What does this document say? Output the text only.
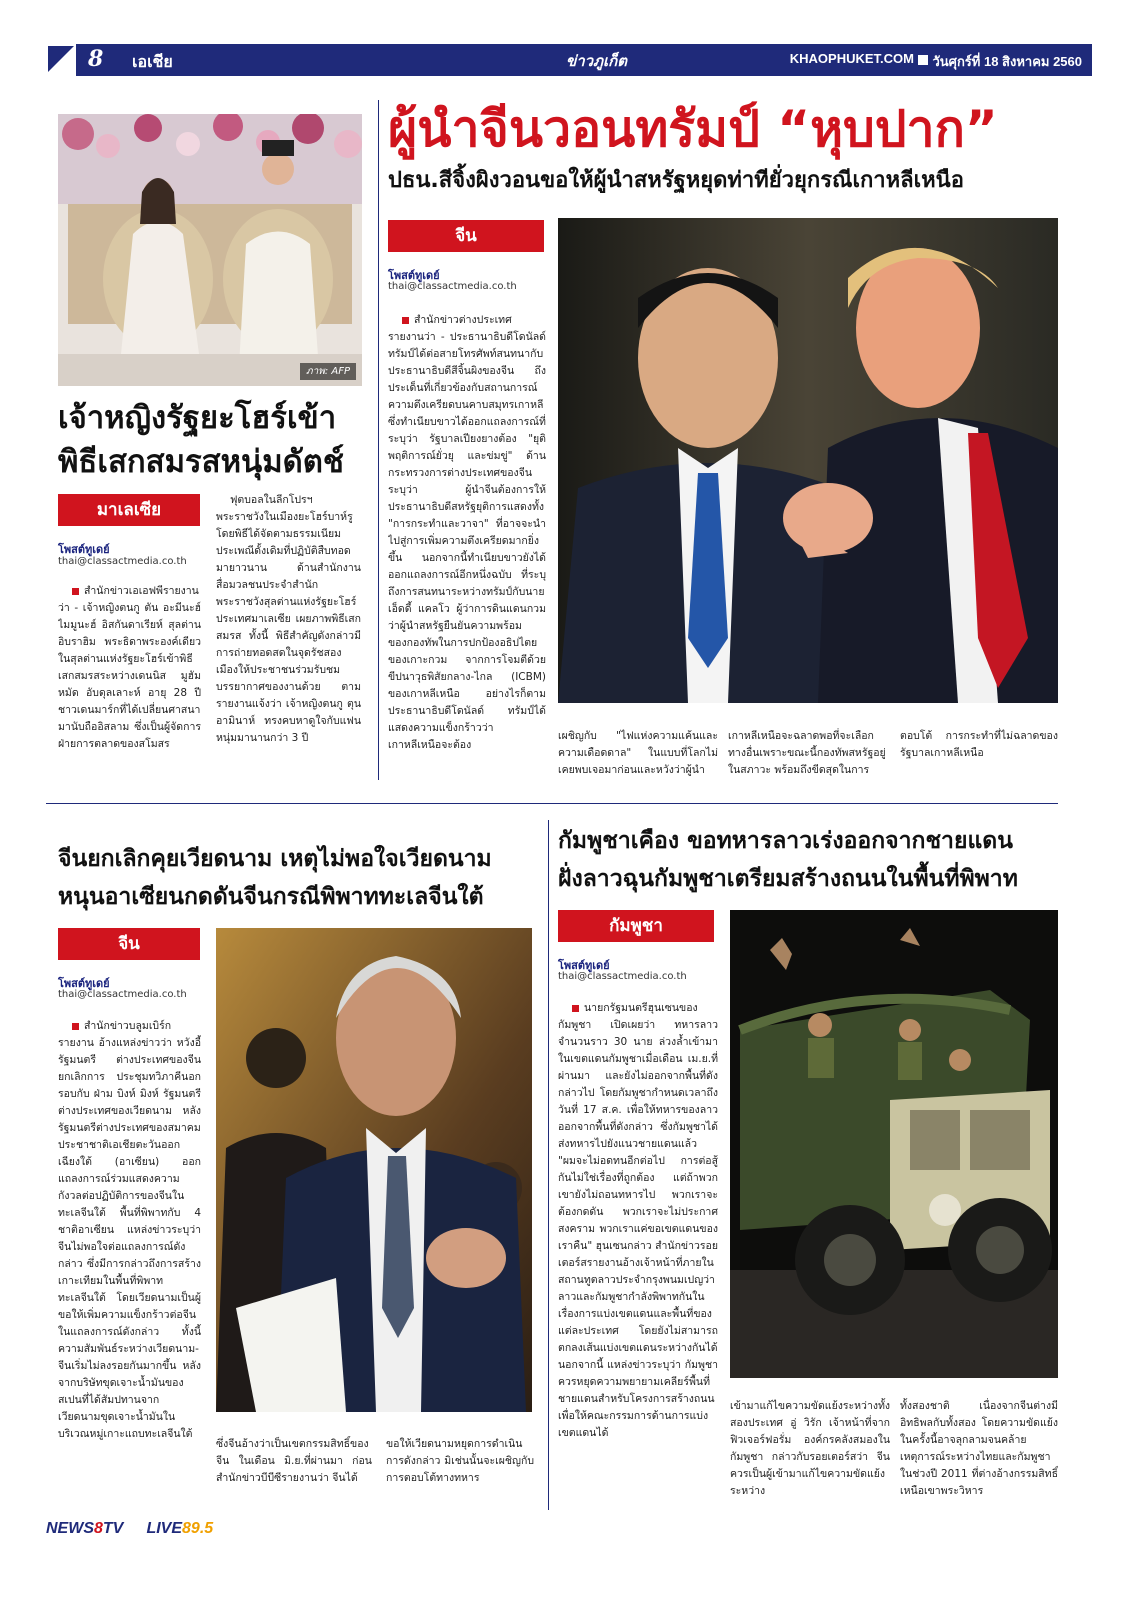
8 เอเชีย	ข่าวภูเก็ต	KHAOPHUKET.COM วันศุกร์ที่ 18 สิงหาคม 2560
ภาพ: AFP
เจ้าหญิงรัฐยะโฮร์เข้า
พิธีเสกสมรสหนุ่มดัตช์
มาเลเซีย
โพสต์ทูเดย์
thai@classactmedia.co.th

สำนักข่าวเอเอฟพีรายงานว่า - เจ้าหญิงตนกู ตัน อะมีนะฮ์ ไมมูนะฮ์ อิสกันดาเรียห์ สุลต่านอิบราฮิม พระธิดาพระองค์เดียวในสุลต่านแห่งรัฐยะโฮร์เข้าพิธีเสกสมรสระหว่างเดนนิส มูฮัมหมัด อับดุลเลาะห์ อายุ 28 ปี ชาวเดนมาร์กที่ได้เปลี่ยนศาสนามานับถืออิสลาม ซึ่งเป็นผู้จัดการฝ่ายการตลาดของสโมสร

ฟุตบอลในลีกโปรฯ พระราชวังในเมืองยะโฮร์บาห์รู โดยพิธีได้จัดตามธรรมเนียมประเพณีดั้งเดิมที่ปฏิบัติสืบทอดมายาวนาน ด้านสำนักงานสื่อมวลชนประจำสำนักพระราชวังสุลต่านแห่งรัฐยะโฮร์ ประเทศมาเลเซีย เผยภาพพิธีเสกสมรส ทั้งนี้ พิธีสำคัญดังกล่าวมีการถ่ายทอดสดในจุดรัชสองเมืองให้ประชาชนร่วมรับชมบรรยากาศของงานด้วย ตามรายงานแจ้งว่า เจ้าหญิงตนกู ตุน อามินาห์ ทรงคบหาดูใจกับแฟนหนุ่มมานานกว่า 3 ปี

ผู้นำจีนวอนทรัมป์ “หุบปาก”
ปธน.สีจิ้งผิงวอนขอให้ผู้นำสหรัฐหยุดท่าทียั่วยุกรณีเกาหลีเหนือ
จีน
โพสต์ทูเดย์
thai@classactmedia.co.th

สำนักข่าวต่างประเทศรายงานว่า - ประธานาธิบดีโดนัลด์ ทรัมป์ได้ต่อสายโทรศัพท์สนทนากับประธานาธิบดีสีจิ้นผิงของจีน ถึงประเด็นที่เกี่ยวข้องกับสถานการณ์ความตึงเครียดบนคาบสมุทรเกาหลี ซึ่งทำเนียบขาวได้ออกแถลงการณ์ที่ระบุว่า รัฐบาลเปียงยางต้อง "ยุติพฤติการณ์ยั่วยุ และข่มขู่" ด้านกระทรวงการต่างประเทศของจีนระบุว่า ผู้นำจีนต้องการให้ประธานาธิบดีสหรัฐยุติการแสดงทั้ง "การกระทำและวาจา" ที่อาจจะนำไปสู่การเพิ่มความตึงเครียดมากยิ่งขึ้น นอกจากนี้ทำเนียบขาวยังได้ออกแถลงการณ์อีกหนึ่งฉบับ ที่ระบุถึงการสนทนาระหว่างทรัมป์กับนายเอ็ดดี้ แคลโว ผู้ว่าการดินแดนกวม ว่าผู้นำสหรัฐยืนยันความพร้อมของกองทัพในการปกป้องอธิปไตยของเกาะกวม จากการโจมตีด้วยขีปนาวุธพิสัยกลาง-ไกล (ICBM) ของเกาหลีเหนือ อย่างไรก็ตาม ประธานาธิบดีโดนัลด์ ทรัมป์ได้แสดงความแข็งกร้าวว่า เกาหลีเหนือจะต้อง

เผชิญกับ "ไฟแห่งความแค้นและความเดือดดาล" ในแบบที่โลกไม่เคยพบเจอมาก่อนและหวังว่าผู้นำ

เกาหลีเหนือจะฉลาดพอที่จะเลือกทางอื่นเพราะขณะนี้กองทัพสหรัฐอยู่ในสภาวะ พร้อมถึงขีดสุดในการ

ตอบโต้ การกระทำที่ไม่ฉลาดของรัฐบาลเกาหลีเหนือ

จีนยกเลิกคุยเวียดนาม เหตุไม่พอใจเวียดนาม
หนุนอาเซียนกดดันจีนกรณีพิพาททะเลจีนใต้
จีน
โพสต์ทูเดย์
thai@classactmedia.co.th

สำนักข่าวบลูมเบิร์กรายงาน อ้างแหล่งข่าวว่า หวังอี้ รัฐมนตรี ต่างประเทศของจีน ยกเลิกการ ประชุมทวิภาคีนอกรอบกับ ฝ่าม บิงห์ มิงห์ รัฐมนตรีต่างประเทศของเวียดนาม หลังรัฐมนตรีต่างประเทศของสมาคมประชาชาติเอเชียตะวันออกเฉียงใต้ (อาเซียน) ออกแถลงการณ์ร่วมแสดงความกังวลต่อปฏิบัติการของจีนในทะเลจีนใต้ พื้นที่พิพาทกับ 4 ชาติอาเซียน แหล่งข่าวระบุว่า จีนไม่พอใจต่อแถลงการณ์ดังกล่าว ซึ่งมีการกล่าวถึงการสร้างเกาะเทียมในพื้นที่พิพาททะเลจีนใต้ โดยเวียดนามเป็นผู้ขอให้เพิ่มความแข็งกร้าวต่อจีนในแถลงการณ์ดังกล่าว ทั้งนี้ ความสัมพันธ์ระหว่างเวียดนาม-จีนเริ่มไม่ลงรอยกันมากขึ้น หลังจากบริษัทขุดเจาะน้ำมันของสเปนที่ได้สัมปทานจากเวียดนามขุดเจาะน้ำมันในบริเวณหมู่เกาะแถบทะเลจีนใต้

ซึ่งจีนอ้างว่าเป็นเขตกรรมสิทธิ์ของจีน ในเดือน มิ.ย.ที่ผ่านมา ก่อนสำนักข่าวบีบีซีรายงานว่า จีนได้

ขอให้เวียดนามหยุดการดำเนินการดังกล่าว มิเช่นนั้นจะเผชิญกับการตอบโต้ทางทหาร

กัมพูชาเคือง ขอทหารลาวเร่งออกจากชายแดน
ฝั่งลาวฉุนกัมพูชาเตรียมสร้างถนนในพื้นที่พิพาท
กัมพูชา
โพสต์ทูเดย์
thai@classactmedia.co.th

นายกรัฐมนตรีฮุนเซนของกัมพูชา เปิดเผยว่า ทหารลาวจำนวนราว 30 นาย ล่วงล้ำเข้ามาในเขตแดนกัมพูชาเมื่อเดือน เม.ย.ที่ผ่านมา และยังไม่ออกจากพื้นที่ดังกล่าวไป โดยกัมพูชากำหนดเวลาถึงวันที่ 17 ส.ค. เพื่อให้ทหารของลาวออกจากพื้นที่ดังกล่าว ซึ่งกัมพูชาได้ส่งทหารไปยังแนวชายแดนแล้ว "ผมจะไม่อดทนอีกต่อไป การต่อสู้กันไม่ใช่เรื่องที่ถูกต้อง แต่ถ้าพวกเขายังไม่ถอนทหารไป พวกเราจะต้องกดดัน พวกเราจะไม่ประกาศสงคราม พวกเราแค่ขอเขตแดนของเราคืน" ฮุนเซนกล่าว สำนักข่าวรอยเตอร์สรายงานอ้างเจ้าหน้าที่ภายในสถานทูตลาวประจำกรุงพนมเปญว่า ลาวและกัมพูชากำลังพิพาทกันในเรื่องการแบ่งเขตแดนและพื้นที่ของแต่ละประเทศ โดยยังไม่สามารถตกลงเส้นแบ่งเขตแดนระหว่างกันได้ นอกจากนี้ แหล่งข่าวระบุว่า กัมพูชาควรหยุดความพยายามเคลียร์พื้นที่ชายแดนสำหรับโครงการสร้างถนน เพื่อให้คณะกรรมการด้านการแบ่งเขตแดนได้

เข้ามาแก้ไขความขัดแย้งระหว่างทั้งสองประเทศ อู่ วิรัก เจ้าหน้าที่จากฟิวเจอร์ฟอรั่ม องค์กรคลังสมองในกัมพูชา กล่าวกับรอยเตอร์สว่า จีนควรเป็นผู้เข้ามาแก้ไขความขัดแย้งระหว่าง

ทั้งสองชาติ เนื่องจากจีนต่างมีอิทธิพลกับทั้งสอง โดยความขัดแย้งในครั้งนี้อาจลุกลามจนคล้ายเหตุการณ์ระหว่างไทยและกัมพูชาในช่วงปี 2011 ที่ต่างอ้างกรรมสิทธิ์เหนือเขาพระวิหาร

NEWS8TV LIVE89.5
